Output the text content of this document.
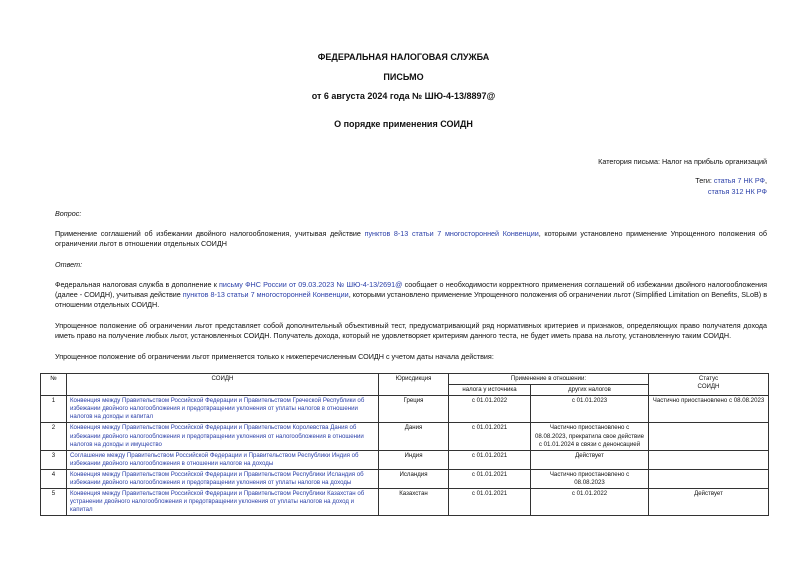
ФЕДЕРАЛЬНАЯ НАЛОГОВАЯ СЛУЖБА
ПИСЬМО
от 6 августа 2024 года № ШЮ-4-13/8897@
О порядке применения СОИДН
Категория письма: Налог на прибыль организаций
Теги: статья 7 НК РФ,
статья 312 НК РФ
Вопрос:
Применение соглашений об избежании двойного налогообложения, учитывая действие пунктов 8-13 статьи 7 многосторонней Конвенции, которыми установлено применение Упрощенного положения об ограничении льгот в отношении отдельных СОИДН
Ответ:
Федеральная налоговая служба в дополнение к письму ФНС России от 09.03.2023 № ШЮ-4-13/2691@ сообщает о необходимости корректного применения соглашений об избежании двойного налогообложения (далее - СОИДН), учитывая действие пунктов 8-13 статьи 7 многосторонней Конвенции, которыми установлено применение Упрощенного положения об ограничении льгот (Simplified Limitation on Benefits, SLoB) в отношении отдельных СОИДН.
Упрощенное положение об ограничении льгот представляет собой дополнительный объективный тест, предусматривающий ряд нормативных критериев и признаков, определяющих право получателя дохода иметь право на получение любых льгот, установленных СОИДН. Получатель дохода, который не удовлетворяет критериям данного теста, не будет иметь права на льготу, установленную таким СОИДН.
Упрощенное положение об ограничении льгот применяется только к нижеперечисленным СОИДН с учетом даты начала действия:
№	СОИДН	Юрисдикция	Применение в отношении:		Статус
СОИДН
			налога у источника	других налогов	
1	Конвенция между Правительством Российской Федерации и Правительством Греческой Республики об избежании двойного налогообложения и предотвращении уклонения от уплаты налогов в отношении налогов на доходы и капитал	Греция	с 01.01.2022	с 01.01.2023	Частично приостановлено с 08.08.2023
2	Конвенция между Правительством Российской Федерации и Правительством Королевства Дания об избежании двойного налогообложения и предотвращении уклонения от налогообложения в отношении налогов на доходы и имущество	Дания	с 01.01.2021	Частично приостановлено с 08.08.2023, прекратила свое действие с 01.01.2024 в связи с денонсацией	
3	Соглашение между Правительством Российской Федерации и Правительством Республики Индия об избежании двойного налогообложения в отношении налогов на доходы	Индия	с 01.01.2021	Действует	
4	Конвенция между Правительством Российской Федерации и Правительством Республики Исландия об избежании двойного налогообложения и предотвращении уклонения от уплаты налогов на доходы	Исландия	с 01.01.2021	Частично приостановлено с 08.08.2023	
5	Конвенция между Правительством Российской Федерации и Правительством Республики Казахстан об устранении двойного налогообложения и предотвращении уклонения от уплаты налогов на доход и капитал	Казахстан	с 01.01.2021	с 01.01.2022	Действует
